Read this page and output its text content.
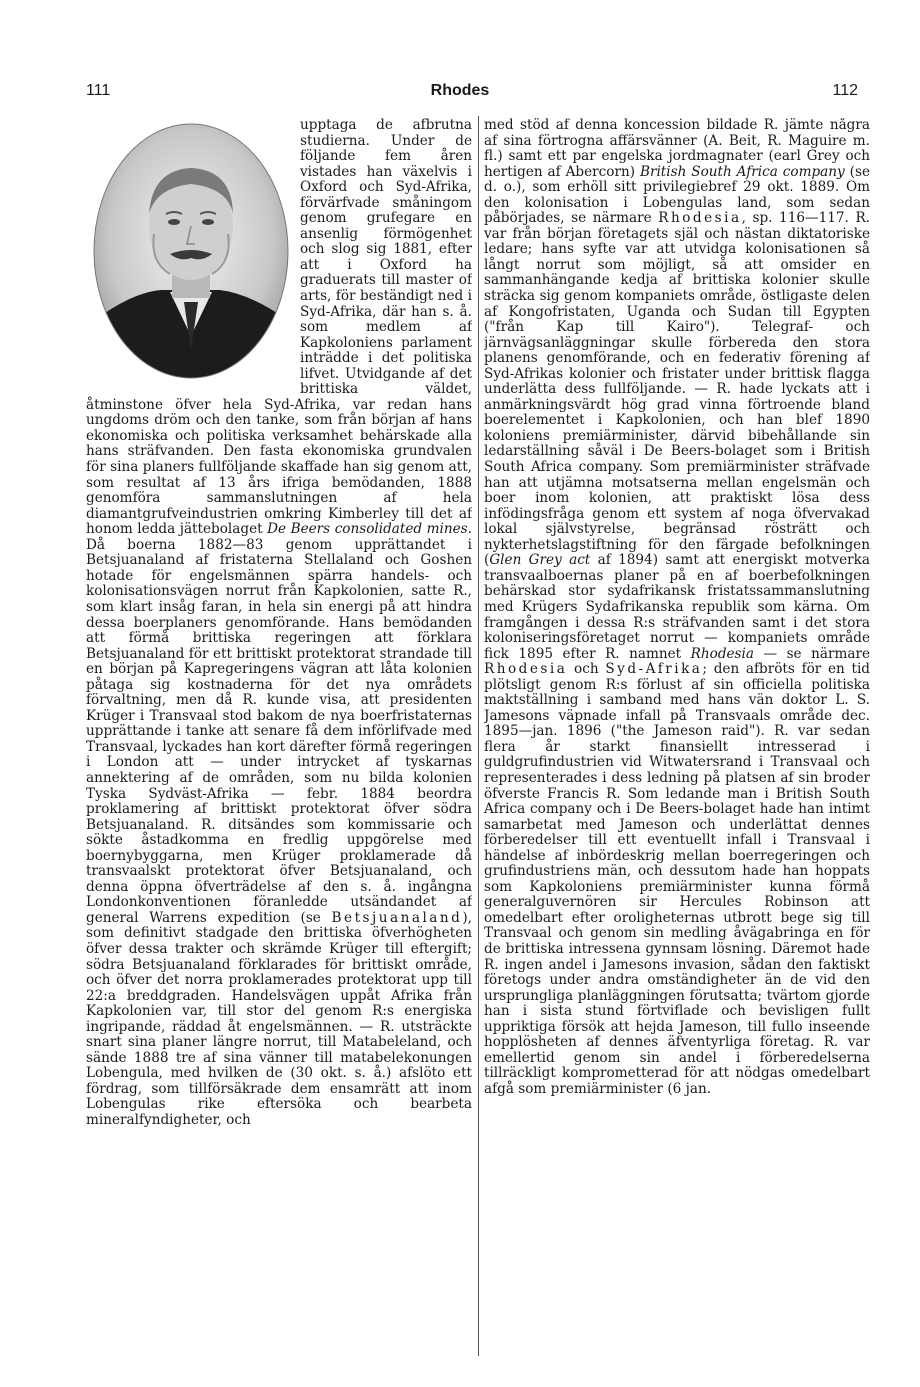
111	Rhodes	112

upptaga de afbrutna studierna. Under de följande fem åren vistades han växelvis i Oxford och Syd-Afrika, förvärfvade småningom genom grufegare en ansenlig förmögenhet och slog sig 1881, efter att i Oxford ha graduerats till master of arts, för beständigt ned i Syd-Afrika, där han s. å. som medlem af Kapkoloniens parlament inträdde i det politiska lifvet. Utvidgande af det brittiska väldet, åtminstone öfver hela Syd-Afrika, var redan hans ungdoms dröm och den tanke, som från början af hans ekonomiska och politiska verksamhet behärskade alla hans sträfvanden. Den fasta ekonomiska grundvalen för sina planers fullföljande skaffade han sig genom att, som resultat af 13 års ifriga bemödanden, 1888 genomföra sammanslutningen af hela diamantgrufveindustrien omkring Kimberley till det af honom ledda jättebolaget De Beers consolidated mines. Då boerna 1882—83 genom upprättandet i Betsjuanaland af fristaterna Stellaland och Goshen hotade för engelsmännen spärra handels- och kolonisationsvägen norrut från Kapkolonien, satte R., som klart insåg faran, in hela sin energi på att hindra dessa boerplaners genomförande. Hans bemödanden att förmå brittiska regeringen att förklara Betsjuanaland för ett brittiskt protektorat strandade till en början på Kapregeringens vägran att låta kolonien påtaga sig kostnaderna för det nya områdets förvaltning, men då R. kunde visa, att presidenten Krüger i Transvaal stod bakom de nya boerfristaternas upprättande i tanke att senare få dem införlifvade med Transvaal, lyckades han kort därefter förmå regeringen i London att — under intrycket af tyskarnas annektering af de områden, som nu bilda kolonien Tyska Sydväst-Afrika — febr. 1884 beordra proklamering af brittiskt protektorat öfver södra Betsjuanaland. R. ditsändes som kommissarie och sökte åstadkomma en fredlig uppgörelse med boernybyggarna, men Krüger proklamerade då transvaalskt protektorat öfver Betsjuanaland, och denna öppna öfverträdelse af den s. å. ingångna Londonkonventionen föranledde utsändandet af general Warrens expedition (se Betsjuanaland), som definitivt stadgade den brittiska öfverhögheten öfver dessa trakter och skrämde Krüger till eftergift; södra Betsjuanaland förklarades för brittiskt område, och öfver det norra proklamerades protektorat upp till 22:a breddgraden. Handelsvägen uppåt Afrika från Kapkolonien var, till stor del genom R:s energiska ingripande, räddad åt engelsmännen. — R. utsträckte snart sina planer längre norrut, till Matabeleland, och sände 1888 tre af sina vänner till matabelekonungen Lobengula, med hvilken de (30 okt. s. å.) afslöto ett fördrag, som tillförsäkrade dem ensamrätt att inom Lobengulas rike eftersöka och bearbeta mineralfyndigheter, och

med stöd af denna koncession bildade R. jämte några af sina förtrogna affärsvänner (A. Beit, R. Maguire m. fl.) samt ett par engelska jordmagnater (earl Grey och hertigen af Abercorn) British South Africa company (se d. o.), som erhöll sitt privilegiebref 29 okt. 1889. Om den kolonisation i Lobengulas land, som sedan påbörjades, se närmare Rhodesia, sp. 116—117. R. var från början företagets själ och nästan diktatoriske ledare; hans syfte var att utvidga kolonisationen så långt norrut som möjligt, så att omsider en sammanhängande kedja af brittiska kolonier skulle sträcka sig genom kompaniets område, östligaste delen af Kongofristaten, Uganda och Sudan till Egypten ("från Kap till Kairo"). Telegraf- och järnvägsanläggningar skulle förbereda den stora planens genomförande, och en federativ förening af Syd-Afrikas kolonier och fristater under brittisk flagga underlätta dess fullföljande. — R. hade lyckats att i anmärkningsvärdt hög grad vinna förtroende bland boerelementet i Kapkolonien, och han blef 1890 koloniens premiärminister, därvid bibehållande sin ledarställning såväl i De Beers-bolaget som i British South Africa company. Som premiärminister sträfvade han att utjämna motsatserna mellan engelsmän och boer inom kolonien, att praktiskt lösa dess infödingsfråga genom ett system af noga öfvervakad lokal självstyrelse, begränsad rösträtt och nykterhetslagstiftning för den färgade befolkningen (Glen Grey act af 1894) samt att energiskt motverka transvaalboernas planer på en af boerbefolkningen behärskad stor sydafrikansk fristatssammanslutning med Krügers Sydafrikanska republik som kärna. Om framgången i dessa R:s sträfvanden samt i det stora koloniseringsföretaget norrut — kompaniets område fick 1895 efter R. namnet Rhodesia — se närmare Rhodesia och Syd-Afrika; den afbröts för en tid plötsligt genom R:s förlust af sin officiella politiska maktställning i samband med hans vän doktor L. S. Jamesons väpnade infall på Transvaals område dec. 1895—jan. 1896 ("the Jameson raid"). R. var sedan flera år starkt finansiellt intresserad i guldgrufindustrien vid Witwatersrand i Transvaal och representerades i dess ledning på platsen af sin broder öfverste Francis R. Som ledande man i British South Africa company och i De Beers-bolaget hade han intimt samarbetat med Jameson och underlättat dennes förberedelser till ett eventuellt infall i Transvaal i händelse af inbördeskrig mellan boerregeringen och grufindustriens män, och dessutom hade han hoppats som Kapkoloniens premiärminister kunna förmå generalguvernören sir Hercules Robinson att omedelbart efter oroligheternas utbrott bege sig till Transvaal och genom sin medling åvägabringa en för de brittiska intressena gynnsam lösning. Däremot hade R. ingen andel i Jamesons invasion, sådan den faktiskt företogs under andra omständigheter än de vid den ursprungliga planläggningen förutsatta; tvärtom gjorde han i sista stund förtviflade och bevisligen fullt uppriktiga försök att hejda Jameson, till fullo inseende hopplösheten af dennes äfventyrliga företag. R. var emellertid genom sin andel i förberedelserna tillräckligt komprometterad för att nödgas omedelbart afgå som premiärminister (6 jan.
